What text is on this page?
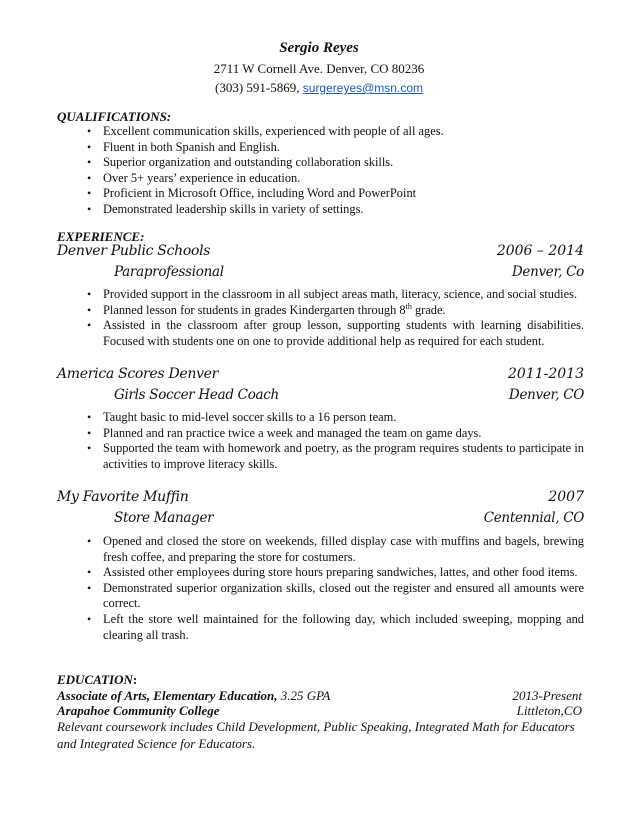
Sergio Reyes
2711 W Cornell Ave. Denver, CO 80236
(303) 591-5869, surgereyes@msn.com
QUALIFICATIONS:
• Excellent communication skills, experienced with people of all ages.
• Fluent in both Spanish and English.
• Superior organization and outstanding collaboration skills.
• Over 5+ years’ experience in education.
• Proficient in Microsoft Office, including Word and PowerPoint
• Demonstrated leadership skills in variety of settings.
EXPERIENCE:
Denver Public Schools	2006 – 2014
Paraprofessional	Denver, Co
• Provided support in the classroom in all subject areas math, literacy, science, and social studies.
• Planned lesson for students in grades Kindergarten through 8th grade.
• Assisted in the classroom after group lesson, supporting students with learning disabilities. Focused with students one on one to provide additional help as required for each student.
America Scores Denver	2011-2013
Girls Soccer Head Coach	Denver, CO
• Taught basic to mid-level soccer skills to a 16 person team.
• Planned and ran practice twice a week and managed the team on game days.
• Supported the team with homework and poetry, as the program requires students to participate in activities to improve literacy skills.
My Favorite Muffin	2007
Store Manager	Centennial, CO
• Opened and closed the store on weekends, filled display case with muffins and bagels, brewing fresh coffee, and preparing the store for costumers.
• Assisted other employees during store hours preparing sandwiches, lattes, and other food items.
• Demonstrated superior organization skills, closed out the register and ensured all amounts were correct.
• Left the store well maintained for the following day, which included sweeping, mopping and clearing all trash.
EDUCATION:
Associate of Arts, Elementary Education, 3.25 GPA	2013-Present
Arapahoe Community College	Littleton,CO
Relevant coursework includes Child Development, Public Speaking, Integrated Math for Educators and Integrated Science for Educators.
